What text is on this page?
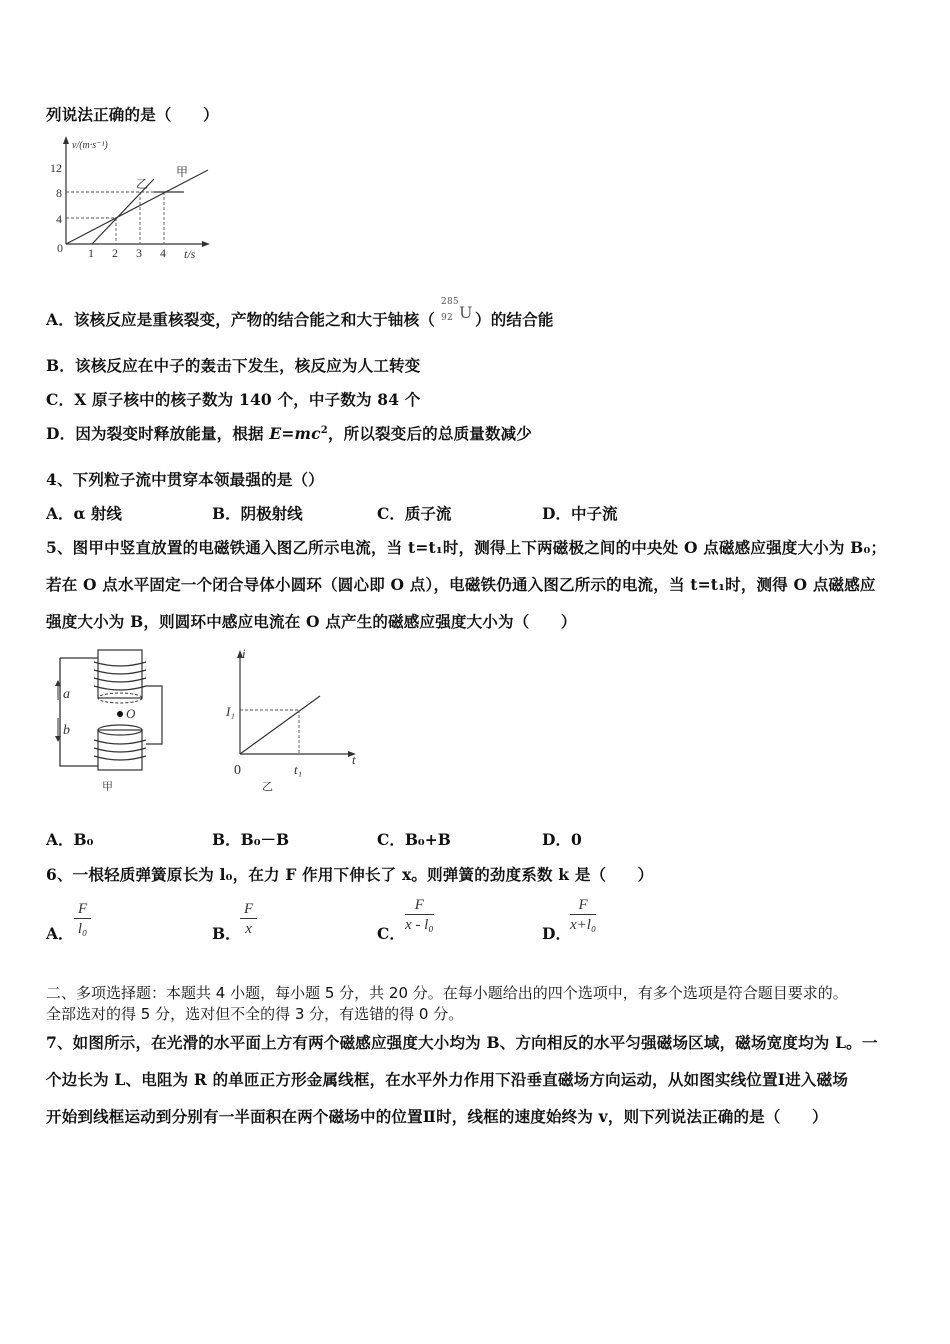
列说法正确的是（　　）
v/(m·s⁻¹)
t/s
0
4
8
12
1 2 3 4
乙
甲
A．该核反应是重核裂变，产物的结合能之和大于铀核（
285
92 U ）的结合能
B．该核反应在中子的轰击下发生，核反应为人工转变
C．X 原子核中的核子数为 140 个，中子数为 84 个
D．因为裂变时释放能量，根据 $E=mc^2$，所以裂变后的总质量数减少
4、下列粒子流中贯穿本领最强的是（）
A．α 射线	B．阴极射线	C．质子流	D．中子流
5、图甲中竖直放置的电磁铁通入图乙所示电流，当 t=t₁时，测得上下两磁极之间的中央处 O 点磁感应强度大小为 B₀；
若在 O 点水平固定一个闭合导体小圆环（圆心即 O 点），电磁铁仍通入图乙所示的电流，当 t=t₁时，测得 O 点磁感应
强度大小为 B，则圆环中感应电流在 O 点产生的磁感应强度大小为（　　）
O
a
b
甲
i
t
0
I₁
t₁
乙
A．B₀	B．B₀－B	C．B₀+B	D．0
6、一根轻质弹簧原长为 l₀，在力 F 作用下伸长了 x。则弹簧的劲度系数 k 是（　　）
A． $\frac{F}{\text{l₀}}$	B． $\frac{F}{x}$	C． $\frac{F}{\text{x - l₀}}$	D． $\frac{F}{\text{x+l₀}}$
二、多项选择题：本题共 4 小题，每小题 5 分，共 20 分。在每小题给出的四个选项中，有多个选项是符合题目要求的。
全部选对的得 5 分，选对但不全的得 3 分，有选错的得 0 分。
7、如图所示，在光滑的水平面上方有两个磁感应强度大小均为 B、方向相反的水平匀强磁场区域，磁场宽度均为 L。一
个边长为 L、电阻为 R 的单匝正方形金属线框，在水平外力作用下沿垂直磁场方向运动，从如图实线位置Ⅰ进入磁场
开始到线框运动到分别有一半面积在两个磁场中的位置Ⅱ时，线框的速度始终为 v，则下列说法正确的是（　　）
